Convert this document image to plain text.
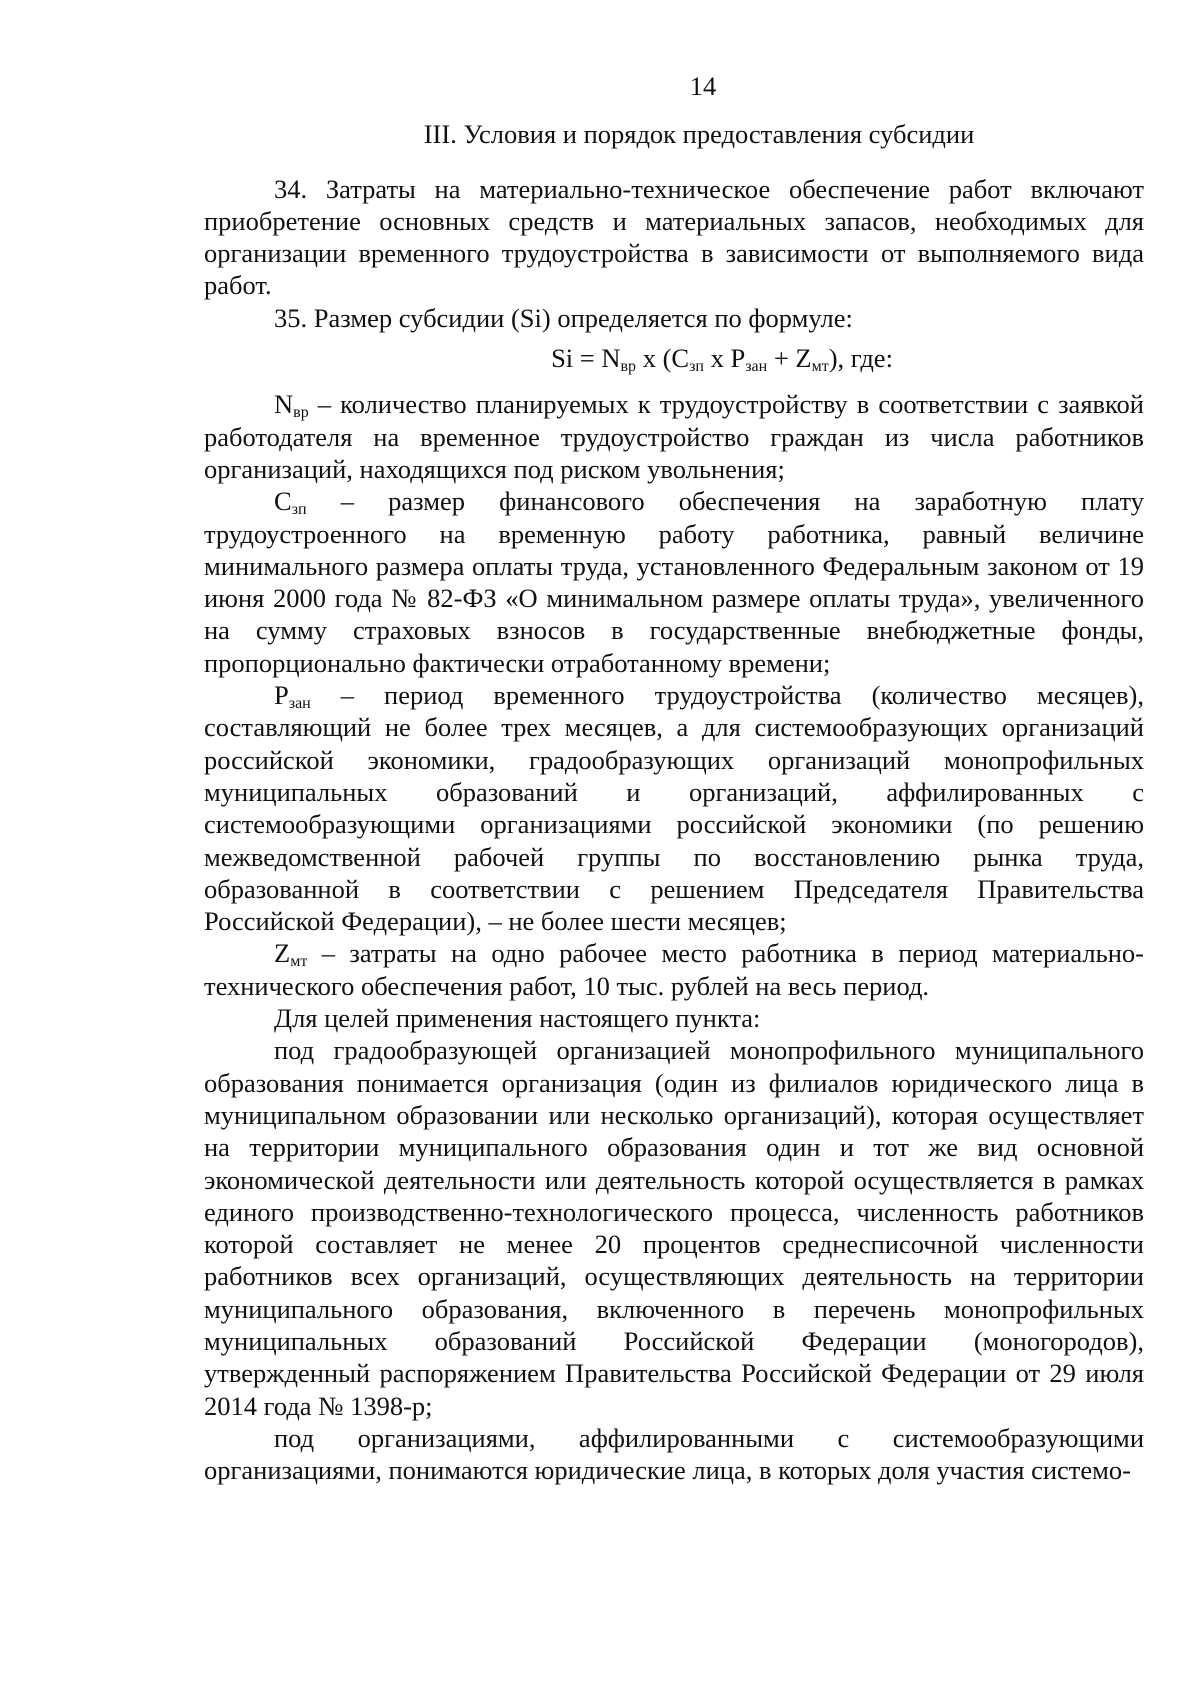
14
III. Условия и порядок предоставления субсидии

34. Затраты на материально-техническое обеспечение работ включают приобретение основных средств и материальных запасов, необходимых для организации временного трудоустройства в зависимости от выполняемого вида работ.

35. Размер субсидии (Si) определяется по формуле:

$Si = N_{вр}$ x ($C_{зп}$ x $P_{зан} + Z_{мт}$), где:

$N_{вр}$ – количество планируемых к трудоустройству в соответствии с заявкой работодателя на временное трудоустройство граждан из числа работников организаций, находящихся под риском увольнения;

$C_{зп}$ – размер финансового обеспечения на заработную плату трудоустроенного на временную работу работника, равный величине минимального размера оплаты труда, установленного Федеральным законом от 19 июня 2000 года № 82-ФЗ «О минимальном размере оплаты труда», увеличенного на сумму страховых взносов в государственные внебюджетные фонды, пропорционально фактически отработанному времени;

$P_{зан}$ – период временного трудоустройства (количество месяцев), составляющий не более трех месяцев, а для системообразующих организаций российской экономики, градообразующих организаций монопрофильных муниципальных образований и организаций, аффилированных с системообразующими организациями российской экономики (по решению межведомственной рабочей группы по восстановлению рынка труда, образованной в соответствии с решением Председателя Правительства Российской Федерации), – не более шести месяцев;

$Z_{мт}$ – затраты на одно рабочее место работника в период материально-технического обеспечения работ, 10 тыс. рублей на весь период.

Для целей применения настоящего пункта:

под градообразующей организацией монопрофильного муниципального образования понимается организация (один из филиалов юридического лица в муниципальном образовании или несколько организаций), которая осуществляет на территории муниципального образования один и тот же вид основной экономической деятельности или деятельность которой осуществляется в рамках единого производственно-технологического процесса, численность работников которой составляет не менее 20 процентов среднесписочной численности работников всех организаций, осуществляющих деятельность на территории муниципального образования, включенного в перечень монопрофильных муниципальных образований Российской Федерации (моногородов), утвержденный распоряжением Правительства Российской Федерации от 29 июля 2014 года № 1398-р;

под организациями, аффилированными с системообразующими организациями, понимаются юридические лица, в которых доля участия системо-
